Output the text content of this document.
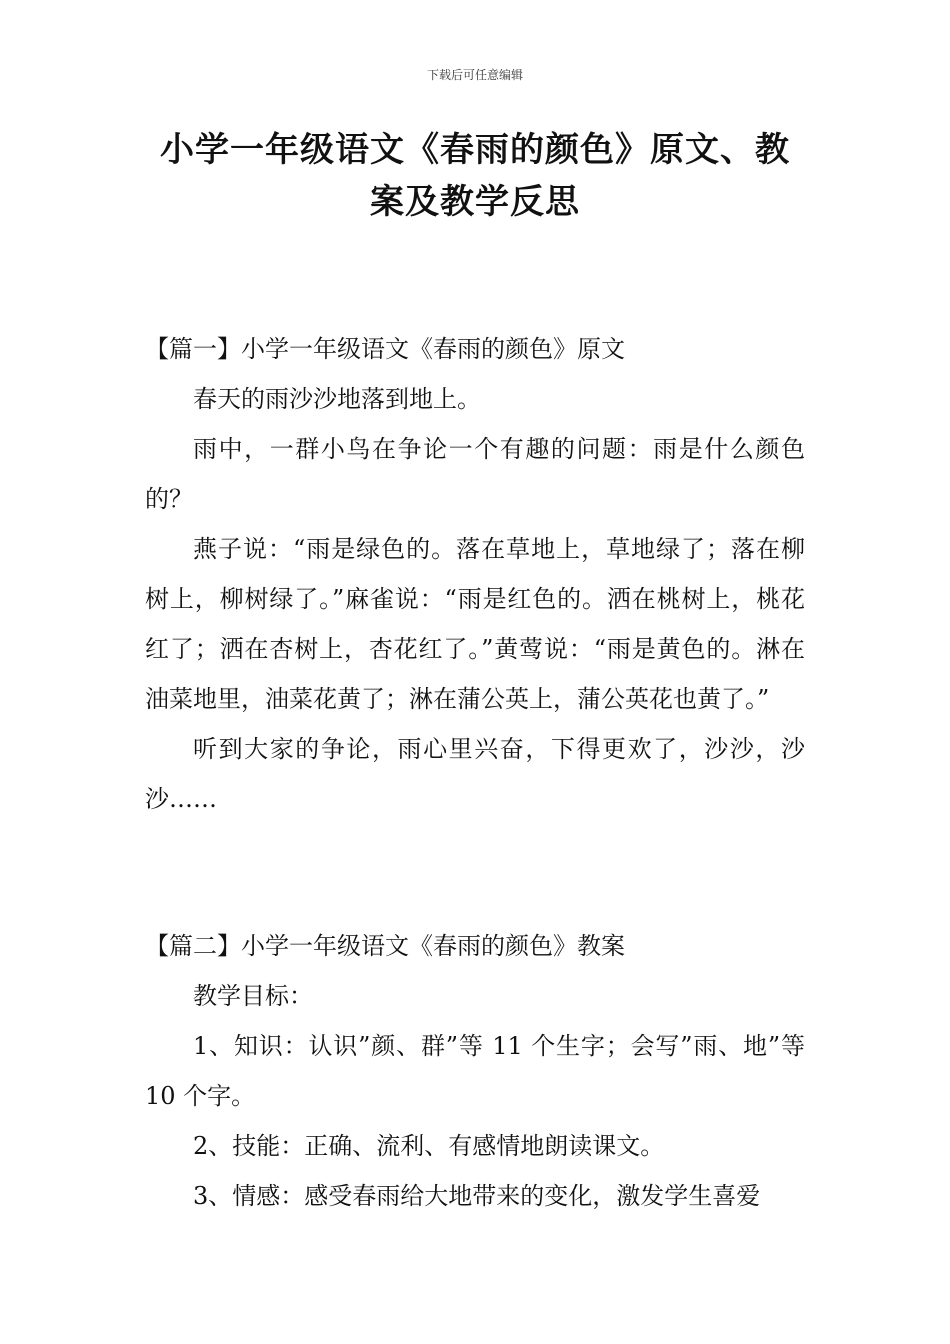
下载后可任意编辑
小学一年级语文《春雨的颜色》原文、教案及教学反思

【篇一】小学一年级语文《春雨的颜色》原文

春天的雨沙沙地落到地上。

雨中，一群小鸟在争论一个有趣的问题：雨是什么颜色的？

燕子说：“雨是绿色的。落在草地上，草地绿了；落在柳树上，柳树绿了。”麻雀说：“雨是红色的。洒在桃树上，桃花红了；洒在杏树上，杏花红了。”黄莺说：“雨是黄色的。淋在油菜地里，油菜花黄了；淋在蒲公英上，蒲公英花也黄了。”

听到大家的争论，雨心里兴奋，下得更欢了，沙沙，沙沙……

【篇二】小学一年级语文《春雨的颜色》教案

教学目标：

1、知识：认识”颜、群”等 11 个生字；会写”雨、地”等 10 个字。

2、技能：正确、流利、有感情地朗读课文。

3、情感：感受春雨给大地带来的变化，激发学生喜爱
